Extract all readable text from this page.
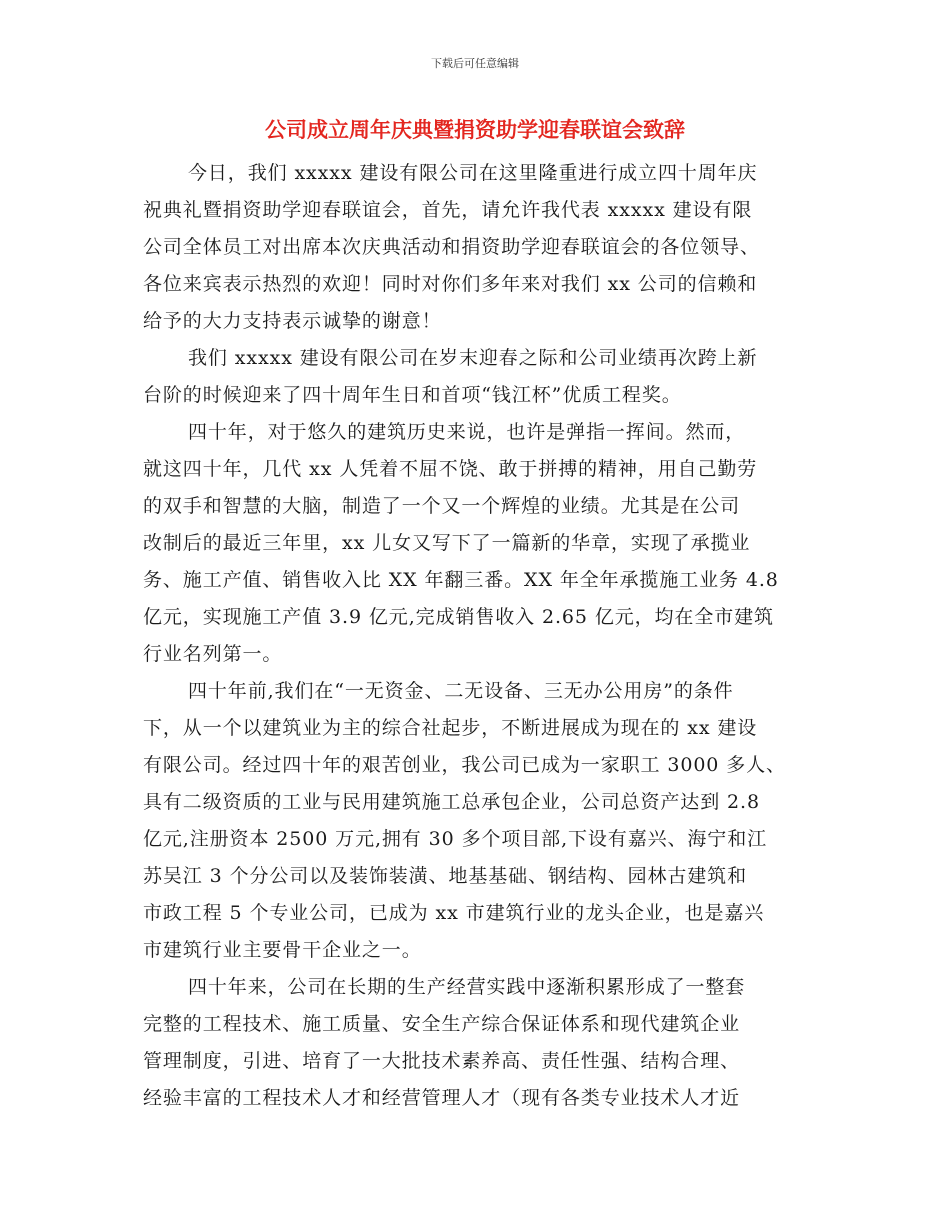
下载后可任意编辑
公司成立周年庆典暨捐资助学迎春联谊会致辞
今日，我们 xxxxx 建设有限公司在这里隆重进行成立四十周年庆
祝典礼暨捐资助学迎春联谊会，首先，请允许我代表 xxxxx 建设有限
公司全体员工对出席本次庆典活动和捐资助学迎春联谊会的各位领导、
各位来宾表示热烈的欢迎！同时对你们多年来对我们 xx 公司的信赖和
给予的大力支持表示诚挚的谢意！
我们 xxxxx 建设有限公司在岁末迎春之际和公司业绩再次跨上新
台阶的时候迎来了四十周年生日和首项“钱江杯”优质工程奖。
四十年，对于悠久的建筑历史来说，也许是弹指一挥间。然而，
就这四十年，几代 xx 人凭着不屈不饶、敢于拼搏的精神，用自己勤劳
的双手和智慧的大脑，制造了一个又一个辉煌的业绩。尤其是在公司
改制后的最近三年里，xx 儿女又写下了一篇新的华章，实现了承揽业
务、施工产值、销售收入比 XX 年翻三番。XX 年全年承揽施工业务 4.8
亿元，实现施工产值 3.9 亿元,完成销售收入 2.65 亿元，均在全市建筑
行业名列第一。
四十年前,我们在“一无资金、二无设备、三无办公用房”的条件
下，从一个以建筑业为主的综合社起步，不断进展成为现在的 xx 建设
有限公司。经过四十年的艰苦创业，我公司已成为一家职工 3000 多人、
具有二级资质的工业与民用建筑施工总承包企业，公司总资产达到 2.8
亿元,注册资本 2500 万元,拥有 30 多个项目部,下设有嘉兴、海宁和江
苏吴江 3 个分公司以及装饰装潢、地基基础、钢结构、园林古建筑和
市政工程 5 个专业公司，已成为 xx 市建筑行业的龙头企业，也是嘉兴
市建筑行业主要骨干企业之一。
四十年来，公司在长期的生产经营实践中逐渐积累形成了一整套
完整的工程技术、施工质量、安全生产综合保证体系和现代建筑企业
管理制度，引进、培育了一大批技术素养高、责任性强、结构合理、
经验丰富的工程技术人才和经营管理人才（现有各类专业技术人才近
